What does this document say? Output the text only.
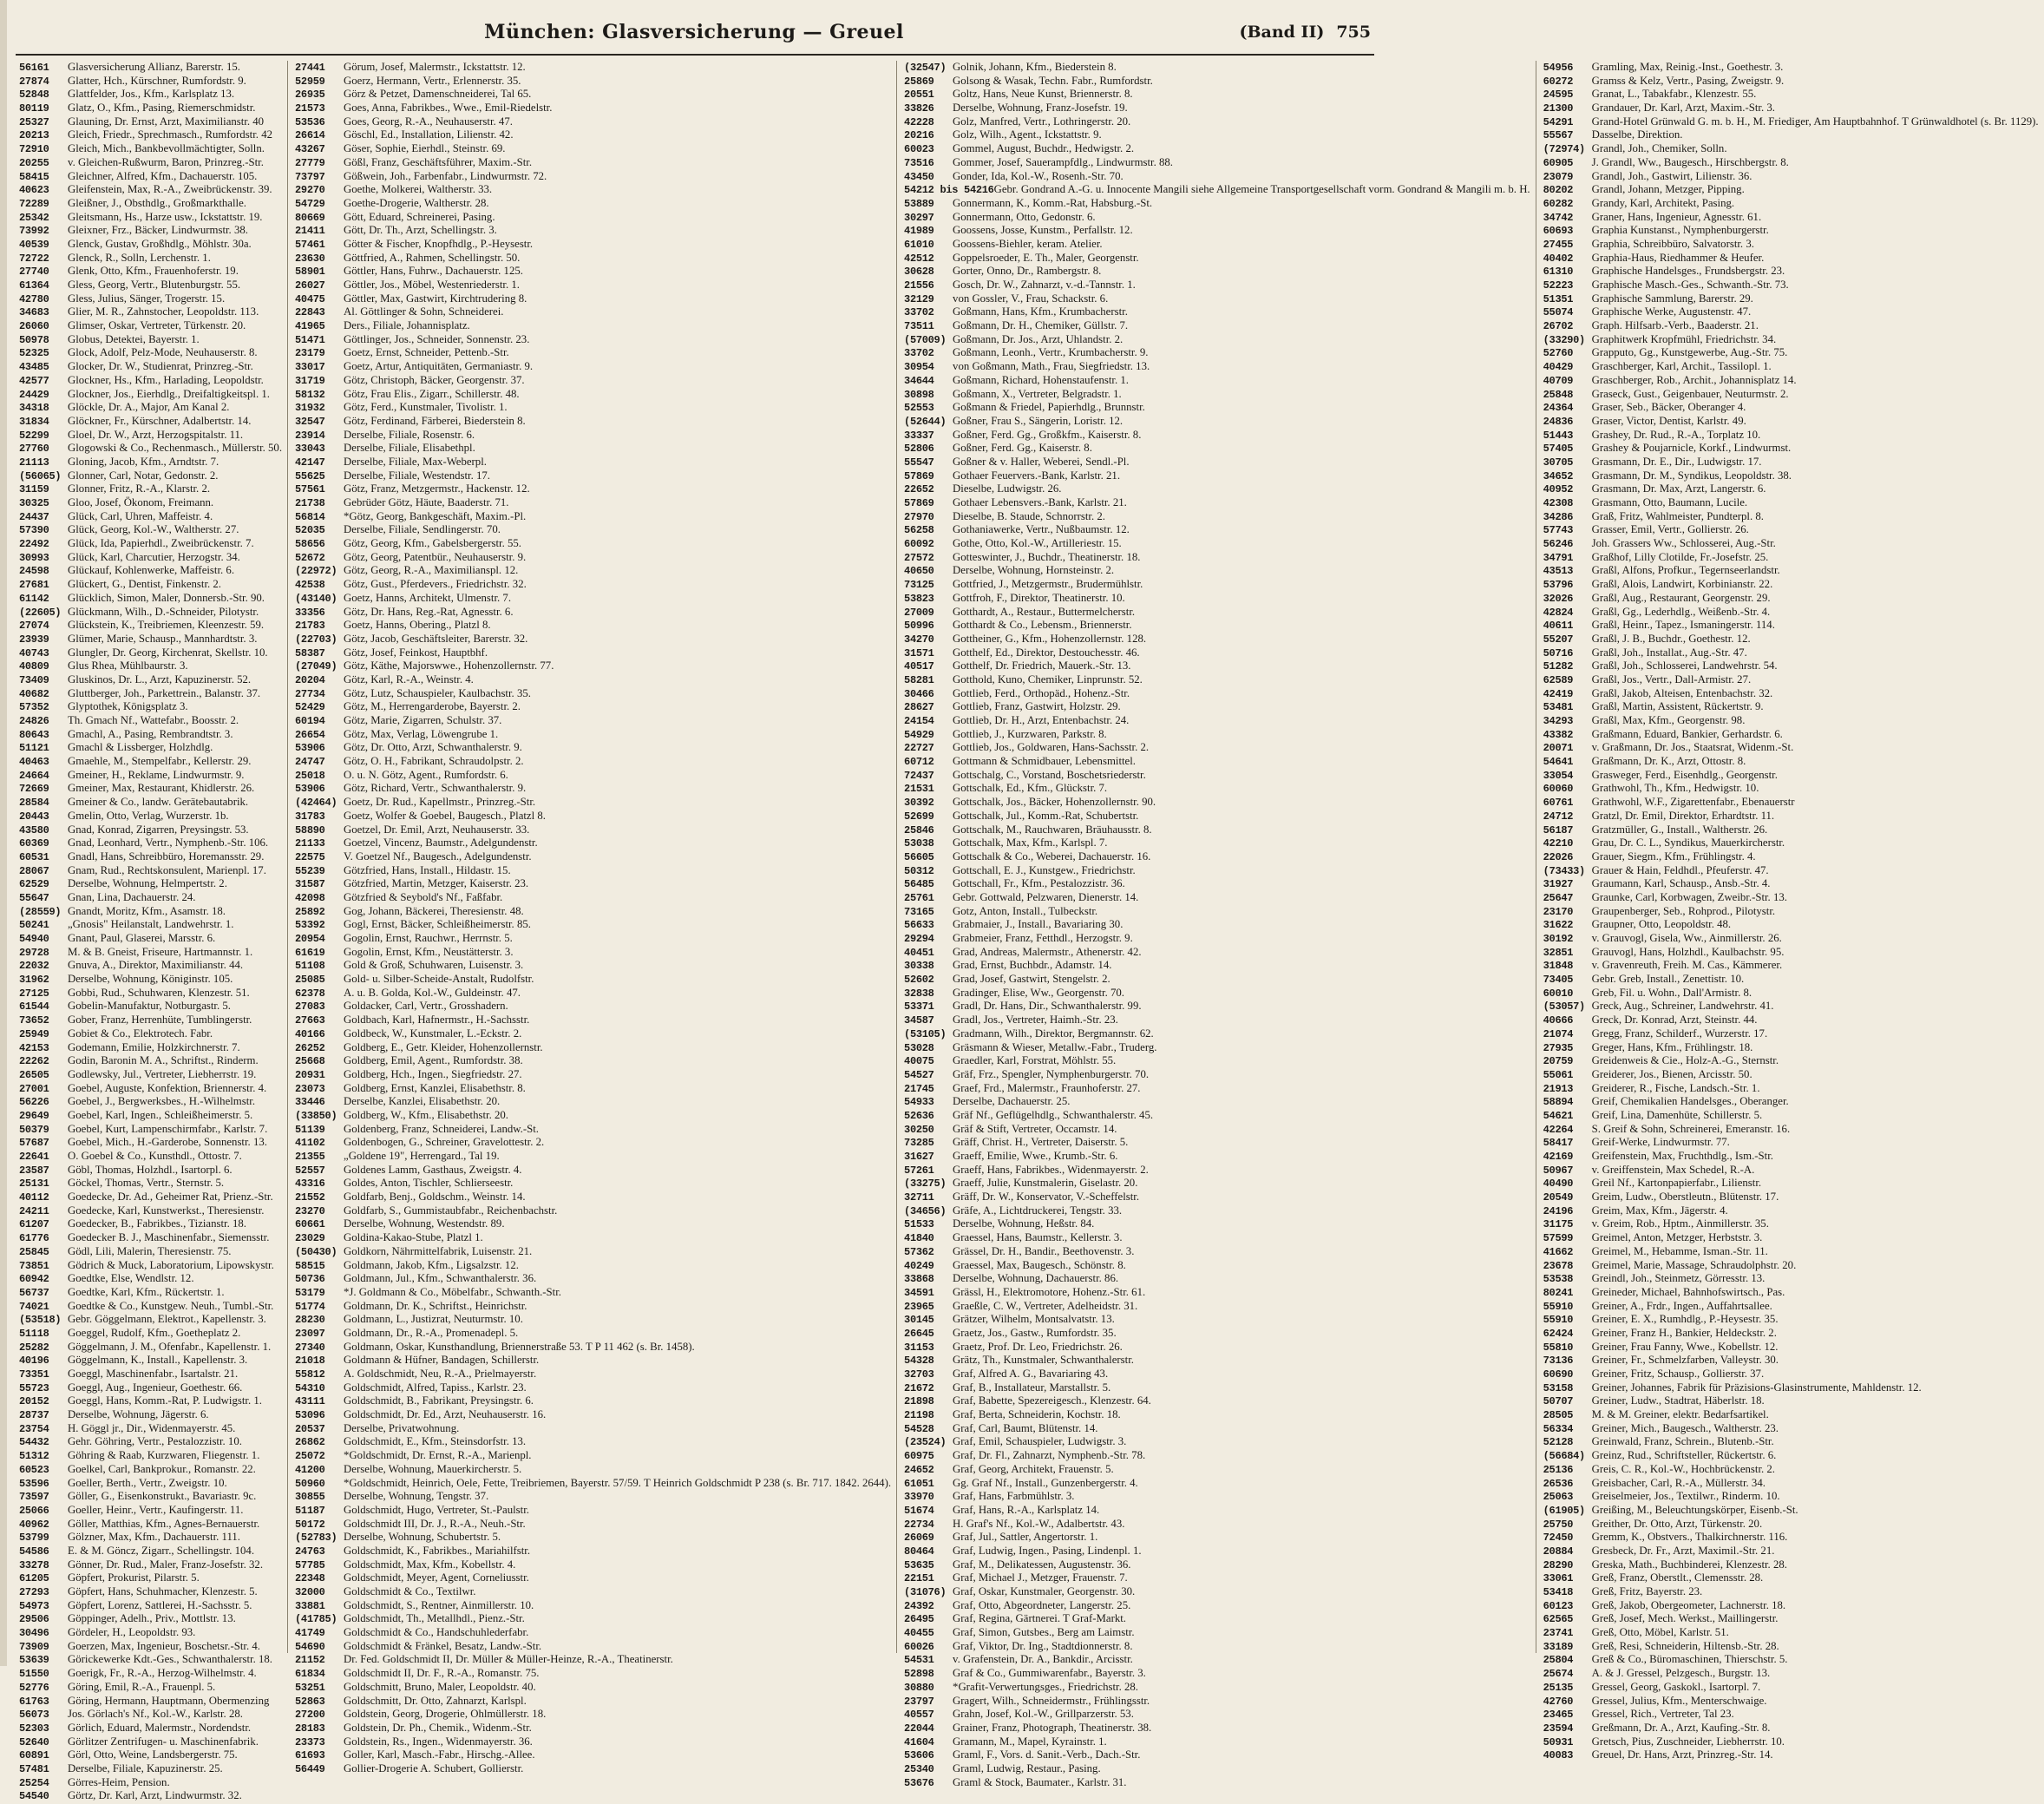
München: Glasversicherung — Greuel	(Band II) 755
56161	Glasversicherung Allianz, Barerstr. 15.
27874	Glatter, Hch., Kürschner, Rumfordstr. 9.
52848	Glattfelder, Jos., Kfm., Karlsplatz 13.
80119	Glatz, O., Kfm., Pasing, Riemerschmidstr.
25327	Glauning, Dr. Ernst, Arzt, Maximilianstr. 40
20213	Gleich, Friedr., Sprechmasch., Rumfordstr. 42
72910	Gleich, Mich., Bankbevollmächtigter, Solln.
20255	v. Gleichen-Rußwurm, Baron, Prinzreg.-Str.
58415	Gleichner, Alfred, Kfm., Dachauerstr. 105.
40623	Gleifenstein, Max, R.-A., Zweibrückenstr. 39.
72289	Gleißner, J., Obsthdlg., Großmarkthalle.
25342	Gleitsmann, Hs., Harze usw., Ickstattstr. 19.
73992	Gleixner, Frz., Bäcker, Lindwurmstr. 38.
40539	Glenck, Gustav, Großhdlg., Möhlstr. 30a.
72722	Glenck, R., Solln, Lerchenstr. 1.
27740	Glenk, Otto, Kfm., Frauenhoferstr. 19.
61364	Gless, Georg, Vertr., Blutenburgstr. 55.
42780	Gless, Julius, Sänger, Trogerstr. 15.
34683	Glier, M. R., Zahnstocher, Leopoldstr. 113.
26060	Glimser, Oskar, Vertreter, Türkenstr. 20.
50978	Globus, Detektei, Bayerstr. 1.
52325	Glock, Adolf, Pelz-Mode, Neuhauserstr. 8.
43485	Glocker, Dr. W., Studienrat, Prinzreg.-Str.
42577	Glockner, Hs., Kfm., Harlading, Leopoldstr.
24429	Glockner, Jos., Eierhdlg., Dreifaltigkeitspl. 1.
34318	Glöckle, Dr. A., Major, Am Kanal 2.
31834	Glöckner, Fr., Kürschner, Adalbertstr. 14.
52299	Gloel, Dr. W., Arzt, Herzogspitalstr. 11.
27760	Glogowski & Co., Rechenmasch., Müllerstr. 50.
21113	Gloning, Jacob, Kfm., Arndtstr. 7.
(56065) Glonner, Carl, Notar, Gedonstr. 2.
31159	Glonner, Fritz, R.-A., Klarstr. 2.
30325	Gloo, Josef, Ökonom, Freimann.
24437	Glück, Carl, Uhren, Maffeistr. 4.
57390	Glück, Georg, Kol.-W., Waltherstr. 27.
22492	Glück, Ida, Papierhdl., Zweibrückenstr. 7.
30993	Glück, Karl, Charcutier, Herzogstr. 34.
24598	Glückauf, Kohlenwerke, Maffeistr. 6.
27681	Glückert, G., Dentist, Finkenstr. 2.
61142	Glücklich, Simon, Maler, Donnersb.-Str. 90.
(22605) Glückmann, Wilh., D.-Schneider, Pilotystr.
27074	Glückstein, K., Treibriemen, Kleenzestr. 59.
23939	Glümer, Marie, Schausp., Mannhardtstr. 3.
40743	Glungler, Dr. Georg, Kirchenrat, Skellstr. 10.
40809	Glus Rhea, Mühlbaurstr. 3.
73409	Gluskinos, Dr. L., Arzt, Kapuzinerstr. 52.
40682	Gluttberger, Joh., Parkettrein., Balanstr. 37.
57352	Glyptothek, Königsplatz 3.
24826	Th. Gmach Nf., Wattefabr., Boosstr. 2.
80643	Gmachl, A., Pasing, Rembrandtstr. 3.
51121	Gmachl & Lissberger, Holzhdlg.
40463	Gmaehle, M., Stempelfabr., Kellerstr. 29.
24664	Gmeiner, H., Reklame, Lindwurmstr. 9.
72669	Gmeiner, Max, Restaurant, Khidlerstr. 26.
28584	Gmeiner & Co., landw. Gerätebautabrik.
20443	Gmelin, Otto, Verlag, Wurzerstr. 1b.
43580	Gnad, Konrad, Zigarren, Preysingstr. 53.
60369	Gnad, Leonhard, Vertr., Nymphenb.-Str. 106.
60531	Gnadl, Hans, Schreibbüro, Horemansstr. 29.
28067	Gnam, Rud., Rechtskonsulent, Marienpl. 17.
62529	Derselbe, Wohnung, Helmpertstr. 2.
55647	Gnan, Lina, Dachauerstr. 24.
(28559) Gnandt, Moritz, Kfm., Asamstr. 18.
50241	„Gnosis" Heilanstalt, Landwehrstr. 1.
54940	Gnant, Paul, Glaserei, Marsstr. 6.
29728	M. & B. Gneist, Friseure, Hartmannstr. 1.
22032	Gnuva, A., Direktor, Maximilianstr. 44.
31962	Derselbe, Wohnung, Königinstr. 105.
27125	Gobbi, Rud., Schuhwaren, Klenzestr. 51.
61544	Gobelin-Manufaktur, Notburgastr. 5.
73652	Gober, Franz, Herrenhüte, Tumblingerstr.
25949	Gobiet & Co., Elektrotech. Fabr.
42153	Godemann, Emilie, Holzkirchnerstr. 7.
22262	Godin, Baronin M. A., Schriftst., Rinderm.
26505	Godlewsky, Jul., Vertreter, Liebherrstr. 19.
27001	Goebel, Auguste, Konfektion, Briennerstr. 4.
56226	Goebel, J., Bergwerksbes., H.-Wilhelmstr.
29649	Goebel, Karl, Ingen., Schleißheimerstr. 5.
50379	Goebel, Kurt, Lampenschirmfabr., Karlstr. 7.
57687	Goebel, Mich., H.-Garderobe, Sonnenstr. 13.
22641	O. Goebel & Co., Kunsthdl., Ottostr. 7.
23587	Göbl, Thomas, Holzhdl., Isartorpl. 6.
25131	Göckel, Thomas, Vertr., Sternstr. 5.
40112	Goedecke, Dr. Ad., Geheimer Rat, Prienz.-Str.
24211	Goedecke, Karl, Kunstwerkst., Theresienstr.
61207	Goedecker, B., Fabrikbes., Tizianstr. 18.
61776	Goedecker B. J., Maschinenfabr., Siemensstr.
25845	Gödl, Lili, Malerin, Theresienstr. 75.
73851	Gödrich & Muck, Laboratorium, Lipowskystr.
60942	Goedtke, Else, Wendlstr. 12.
56737	Goedtke, Karl, Kfm., Rückertstr. 1.
74021	Goedtke & Co., Kunstgew. Neuh., Tumbl.-Str.
(53518) Gebr. Göggelmann, Elektrot., Kapellenstr. 3.
51118	Goeggel, Rudolf, Kfm., Goetheplatz 2.
25282	Göggelmann, J. M., Ofenfabr., Kapellenstr. 1.
40196	Göggelmann, K., Install., Kapellenstr. 3.
73351	Goeggl, Maschinenfabr., Isartalstr. 21.
55723	Goeggl, Aug., Ingenieur, Goethestr. 66.
20152	Goeggl, Hans, Komm.-Rat, P. Ludwigstr. 1.
28737	Derselbe, Wohnung, Jägerstr. 6.
23754	H. Göggl jr., Dir., Widenmayerstr. 45.
54432	Gehr. Göhring, Vertr., Pestalozzistr. 10.
51312	Göhring & Raab, Kurzwaren, Fliegenstr. 1.
60523	Goelkel, Carl, Bankprokur., Romanstr. 22.
53596	Goeller, Berth., Vertr., Zweigstr. 10.
73597	Göller, G., Eisenkonstrukt., Bavariastr. 9c.
25066	Goeller, Heinr., Vertr., Kaufingerstr. 11.
40962	Göller, Matthias, Kfm., Agnes-Bernauerstr.
53799	Gölzner, Max, Kfm., Dachauerstr. 111.
54586	E. & M. Göncz, Zigarr., Schellingstr. 104.
33278	Gönner, Dr. Rud., Maler, Franz-Josefstr. 32.
61205	Göpfert, Prokurist, Pilarstr. 5.
27293	Göpfert, Hans, Schuhmacher, Klenzestr. 5.
54973	Göpfert, Lorenz, Sattlerei, H.-Sachsstr. 5.
29506	Göppinger, Adelh., Priv., Mottlstr. 13.
30496	Gördeler, H., Leopoldstr. 93.
73909	Goerzen, Max, Ingenieur, Boschetsr.-Str. 4.
53639	Görickewerke Kdt.-Ges., Schwanthalerstr. 18.
51550	Goerigk, Fr., R.-A., Herzog-Wilhelmstr. 4.
52776	Göring, Emil, R.-A., Frauenpl. 5.
61763	Göring, Hermann, Hauptmann, Obermenzing
56073	Jos. Görlach's Nf., Kol.-W., Karlstr. 28.
52303	Görlich, Eduard, Malermstr., Nordendstr.
52640	Görlitzer Zentrifugen- u. Maschinenfabrik.
60891	Görl, Otto, Weine, Landsbergerstr. 75.
57481	Derselbe, Filiale, Kapuzinerstr. 25.
25254	Görres-Heim, Pension.
54540	Görtz, Dr. Karl, Arzt, Lindwurmstr. 32.
27441	Görum, Josef, Malermstr., Ickstattstr. 12.
52959	Goerz, Hermann, Vertr., Erlennerstr. 35.
26935	Görz & Petzet, Damenschneiderei, Tal 65.
21573	Goes, Anna, Fabrikbes., Wwe., Emil-Riedelstr.
53536	Goes, Georg, R.-A., Neuhauserstr. 47.
26614	Göschl, Ed., Installation, Lilienstr. 42.
43267	Göser, Sophie, Eierhdl., Steinstr. 69.
27779	Gößl, Franz, Geschäftsführer, Maxim.-Str.
73797	Gößwein, Joh., Farbenfabr., Lindwurmstr. 72.
29270	Goethe, Molkerei, Waltherstr. 33.
54729	Goethe-Drogerie, Waltherstr. 28.
80669	Gött, Eduard, Schreinerei, Pasing.
21411	Gött, Dr. Th., Arzt, Schellingstr. 3.
57461	Götter & Fischer, Knopfhdlg., P.-Heysestr.
23630	Göttfried, A., Rahmen, Schellingstr. 50.
58901	Göttler, Hans, Fuhrw., Dachauerstr. 125.
26027	Göttler, Jos., Möbel, Westenriederstr. 1.
40475	Göttler, Max, Gastwirt, Kirchtrudering 8.
22843	Al. Göttlinger & Sohn, Schneiderei.
41965	Ders., Filiale, Johannisplatz.
51471	Göttlinger, Jos., Schneider, Sonnenstr. 23.
23179	Goetz, Ernst, Schneider, Pettenb.-Str.
33017	Goetz, Artur, Antiquitäten, Germaniastr. 9.
31719	Götz, Christoph, Bäcker, Georgenstr. 37.
58132	Götz, Frau Elis., Zigarr., Schillerstr. 48.
31932	Götz, Ferd., Kunstmaler, Tivolistr. 1.
32547	Götz, Ferdinand, Färberei, Biederstein 8.
23914	Derselbe, Filiale, Rosenstr. 6.
33043	Derselbe, Filiale, Elisabethpl.
42147	Derselbe, Filiale, Max-Weberpl.
55625	Derselbe, Filiale, Westendstr. 17.
57561	Götz, Franz, Metzgermstr., Hackenstr. 12.
21738	Gebrüder Götz, Häute, Baaderstr. 71.
56814	*Götz, Georg, Bankgeschäft, Maxim.-Pl.
52035	Derselbe, Filiale, Sendlingerstr. 70.
58656	Götz, Georg, Kfm., Gabelsbergerstr. 55.
52672	Götz, Georg, Patentbür., Neuhauserstr. 9.
(22972) Götz, Georg, R.-A., Maximilianspl. 12.
42538	Götz, Gust., Pferdevers., Friedrichstr. 32.
(43140) Goetz, Hanns, Architekt, Ulmenstr. 7.
33356	Götz, Dr. Hans, Reg.-Rat, Agnesstr. 6.
21783	Goetz, Hanns, Obering., Platzl 8.
(22703) Götz, Jacob, Geschäftsleiter, Barerstr. 32.
58387	Götz, Josef, Feinkost, Hauptbhf.
(27049) Götz, Käthe, Majorswwe., Hohenzollernstr. 77.
20204	Götz, Karl, R.-A., Weinstr. 4.
27734	Götz, Lutz, Schauspieler, Kaulbachstr. 35.
52429	Götz, M., Herrengarderobe, Bayerstr. 2.
60194	Götz, Marie, Zigarren, Schulstr. 37.
26654	Götz, Max, Verlag, Löwengrube 1.
53906	Götz, Dr. Otto, Arzt, Schwanthalerstr. 9.
24747	Götz, O. H., Fabrikant, Schraudolpstr. 2.
25018	O. u. N. Götz, Agent., Rumfordstr. 6.
53906	Götz, Richard, Vertr., Schwanthalerstr. 9.
(42464) Goetz, Dr. Rud., Kapellmstr., Prinzreg.-Str.
31783	Goetz, Wolfer & Goebel, Baugesch., Platzl 8.
58890	Goetzel, Dr. Emil, Arzt, Neuhauserstr. 33.
21133	Goetzel, Vincenz, Baumstr., Adelgundenstr.
22575	V. Goetzel Nf., Baugesch., Adelgundenstr.
55239	Götzfried, Hans, Install., Hildastr. 15.
31587	Götzfried, Martin, Metzger, Kaiserstr. 23.
42098	Götzfried & Seybold's Nf., Faßfabr.
25892	Gog, Johann, Bäckerei, Theresienstr. 48.
53392	Gogl, Ernst, Bäcker, Schleißheimerstr. 85.
20954	Gogolin, Ernst, Rauchwr., Herrnstr. 5.
61619	Gogolin, Ernst, Kfm., Neustätterstr. 3.
51108	Gold & Groß, Schuhwaren, Luisenstr. 3.
25085	Gold- u. Silber-Scheide-Anstalt, Rudolfstr.
62378	A. u. B. Golda, Kol.-W., Guldeinstr. 47.
27083	Goldacker, Carl, Vertr., Grosshadern.
27663	Goldbach, Karl, Hafnermstr., H.-Sachsstr.
40166	Goldbeck, W., Kunstmaler, L.-Eckstr. 2.
26252	Goldberg, E., Getr. Kleider, Hohenzollernstr.
25668	Goldberg, Emil, Agent., Rumfordstr. 38.
20931	Goldberg, Hch., Ingen., Siegfriedstr. 27.
23073	Goldberg, Ernst, Kanzlei, Elisabethstr. 8.
33446	Derselbe, Kanzlei, Elisabethstr. 20.
(33850) Goldberg, W., Kfm., Elisabethstr. 20.
51139	Goldenberg, Franz, Schneiderei, Landw.-St.
41102	Goldenbogen, G., Schreiner, Gravelottestr. 2.
21355	„Goldene 19", Herrengard., Tal 19.
52557	Goldenes Lamm, Gasthaus, Zweigstr. 4.
43316	Goldes, Anton, Tischler, Schlierseestr.
21552	Goldfarb, Benj., Goldschm., Weinstr. 14.
23270	Goldfarb, S., Gummistaubfabr., Reichenbachstr.
60661	Derselbe, Wohnung, Westendstr. 89.
23029	Goldina-Kakao-Stube, Platzl 1.
(50430) Goldkorn, Nährmittelfabrik, Luisenstr. 21.
58515	Goldmann, Jakob, Kfm., Ligsalzstr. 12.
50736	Goldmann, Jul., Kfm., Schwanthalerstr. 36.
53179	*J. Goldmann & Co., Möbelfabr., Schwanth.-Str.
51774	Goldmann, Dr. K., Schriftst., Heinrichstr.
28230	Goldmann, L., Justizrat, Neuturmstr. 10.
23097	Goldmann, Dr., R.-A., Promenadepl. 5.
27340	Goldmann, Oskar, Kunsthandlung, Briennerstraße 53. T P 11 462 (s. Br. 1458).
21018	Goldmann & Hüfner, Bandagen, Schillerstr.
55812	A. Goldschmidt, Neu, R.-A., Prielmayerstr.
54310	Goldschmidt, Alfred, Tapiss., Karlstr. 23.
43111	Goldschmidt, B., Fabrikant, Preysingstr. 6.
53096	Goldschmidt, Dr. Ed., Arzt, Neuhauserstr. 16.
20537	Derselbe, Privatwohnung.
26862	Goldschmidt, E., Kfm., Steinsdorfstr. 13.
25072	*Goldschmidt, Dr. Ernst, R.-A., Marienpl.
41200	Derselbe, Wohnung, Mauerkircherstr. 5.
50960	*Goldschmidt, Heinrich, Oele, Fette, Treibriemen, Bayerstr. 57/59. T Heinrich Goldschmidt P 238 (s. Br. 717. 1842. 2644).
30855	Derselbe, Wohnung, Tengstr. 37.
51187	Goldschmidt, Hugo, Vertreter, St.-Paulstr.
50172	Goldschmidt III, Dr. J., R.-A., Neuh.-Str.
(52783) Derselbe, Wohnung, Schubertstr. 5.
24763	Goldschmidt, K., Fabrikbes., Mariahilfstr.
57785	Goldschmidt, Max, Kfm., Kobellstr. 4.
22348	Goldschmidt, Meyer, Agent, Corneliusstr.
32000	Goldschmidt & Co., Textilwr.
33881	Goldschmidt, S., Rentner, Ainmillerstr. 10.
(41785) Goldschmidt, Th., Metallhdl., Pienz.-Str.
41749	Goldschmidt & Co., Handschuhlederfabr.
54690	Goldschmidt & Fränkel, Besatz, Landw.-Str.
21152	Dr. Fed. Goldschmidt II, Dr. Müller & Müller-Heinze, R.-A., Theatinerstr.
61834	Goldschmidt II, Dr. F., R.-A., Romanstr. 75.
53251	Goldschmitt, Bruno, Maler, Leopoldstr. 40.
52863	Goldschmitt, Dr. Otto, Zahnarzt, Karlspl.
27200	Goldstein, Georg, Drogerie, Ohlmüllerstr. 18.
28183	Goldstein, Dr. Ph., Chemik., Widenm.-Str.
23373	Goldstein, Rs., Ingen., Widenmayerstr. 36.
61693	Goller, Karl, Masch.-Fabr., Hirschg.-Allee.
56449	Gollier-Drogerie A. Schubert, Gollierstr.
(32547) Golnik, Johann, Kfm., Biederstein 8.
25869	Golsong & Wasak, Techn. Fabr., Rumfordstr.
20551	Goltz, Hans, Neue Kunst, Briennerstr. 8.
33826	Derselbe, Wohnung, Franz-Josefstr. 19.
42228	Golz, Manfred, Vertr., Lothringerstr. 20.
20216	Golz, Wilh., Agent., Ickstattstr. 9.
60023	Gommel, August, Buchdr., Hedwigstr. 2.
73516	Gommer, Josef, Sauerampfdlg., Lindwurmstr. 88.
43450	Gonder, Ida, Kol.-W., Rosenh.-Str. 70.
54212 bis 54216 Gebr. Gondrand A.-G. u. Innocente Mangili siehe Allgemeine Transportgesellschaft vorm. Gondrand & Mangili m. b. H.
53889	Gonnermann, K., Komm.-Rat, Habsburg.-St.
30297	Gonnermann, Otto, Gedonstr. 6.
41989	Goossens, Josse, Kunstm., Perfallstr. 12.
61010	Goossens-Biehler, keram. Atelier.
42512	Goppelsroeder, E. Th., Maler, Georgenstr.
30628	Gorter, Onno, Dr., Rambergstr. 8.
21556	Gosch, Dr. W., Zahnarzt, v.-d.-Tannstr. 1.
32129	von Gossler, V., Frau, Schackstr. 6.
33702	Goßmann, Hans, Kfm., Krumbacherstr.
73511	Goßmann, Dr. H., Chemiker, Güllstr. 7.
(57009) Goßmann, Dr. Jos., Arzt, Uhlandstr. 2.
33702	Goßmann, Leonh., Vertr., Krumbacherstr. 9.
30954	von Goßmann, Math., Frau, Siegfriedstr. 13.
34644	Goßmann, Richard, Hohenstaufenstr. 1.
30898	Goßmann, X., Vertreter, Belgradstr. 1.
52553	Goßmann & Friedel, Papierhdlg., Brunnstr.
(52644) Goßner, Frau S., Sängerin, Loristr. 12.
33337	Goßner, Ferd. Gg., Großkfm., Kaiserstr. 8.
52806	Goßner, Ferd. Gg., Kaiserstr. 8.
55547	Goßner & v. Haller, Weberei, Sendl.-Pl.
57869	Gothaer Feuervers.-Bank, Karlstr. 21.
22652	Dieselbe, Ludwigstr. 26.
57869	Gothaer Lebensvers.-Bank, Karlstr. 21.
27970	Dieselbe, B. Staude, Schnorrstr. 2.
56258	Gothaniawerke, Vertr., Nußbaumstr. 12.
60092	Gothe, Otto, Kol.-W., Artilleriestr. 15.
27572	Gotteswinter, J., Buchdr., Theatinerstr. 18.
40650	Derselbe, Wohnung, Hornsteinstr. 2.
73125	Gottfried, J., Metzgermstr., Brudermühlstr.
53823	Gottfroh, F., Direktor, Theatinerstr. 10.
27009	Gotthardt, A., Restaur., Buttermelcherstr.
50996	Gotthardt & Co., Lebensm., Briennerstr.
34270	Gottheiner, G., Kfm., Hohenzollernstr. 128.
31571	Gotthelf, Ed., Direktor, Destouchesstr. 46.
40517	Gotthelf, Dr. Friedrich, Mauerk.-Str. 13.
58281	Gotthold, Kuno, Chemiker, Linprunstr. 52.
30466	Gottlieb, Ferd., Orthopäd., Hohenz.-Str.
28627	Gottlieb, Franz, Gastwirt, Holzstr. 29.
24154	Gottlieb, Dr. H., Arzt, Entenbachstr. 24.
54929	Gottlieb, J., Kurzwaren, Parkstr. 8.
22727	Gottlieb, Jos., Goldwaren, Hans-Sachsstr. 2.
60712	Gottmann & Schmidbauer, Lebensmittel.
72437	Gottschalg, C., Vorstand, Boschetsriederstr.
21531	Gottschalk, Ed., Kfm., Glückstr. 7.
30392	Gottschalk, Jos., Bäcker, Hohenzollernstr. 90.
52699	Gottschalk, Jul., Komm.-Rat, Schubertstr.
25846	Gottschalk, M., Rauchwaren, Bräuhausstr. 8.
53038	Gottschalk, Max, Kfm., Karlspl. 7.
56605	Gottschalk & Co., Weberei, Dachauerstr. 16.
50312	Gottschall, E. J., Kunstgew., Friedrichstr.
56485	Gottschall, Fr., Kfm., Pestalozzistr. 36.
25761	Gebr. Gottwald, Pelzwaren, Dienerstr. 14.
73165	Gotz, Anton, Install., Tulbeckstr.
56633	Grabmaier, J., Install., Bavariaring 30.
29294	Grabmeier, Franz, Fetthdl., Herzogstr. 9.
40451	Grad, Andreas, Malermstr., Athenerstr. 42.
30338	Grad, Ernst, Buchbdr., Adamstr. 14.
52602	Grad, Josef, Gastwirt, Stengelstr. 2.
32838	Gradinger, Elise, Ww., Georgenstr. 70.
53371	Gradl, Dr. Hans, Dir., Schwanthalerstr. 99.
34587	Gradl, Jos., Vertreter, Haimh.-Str. 23.
(53105) Gradmann, Wilh., Direktor, Bergmannstr. 62.
53028	Gräsmann & Wieser, Metallw.-Fabr., Truderg.
40075	Graedler, Karl, Forstrat, Möhlstr. 55.
54527	Gräf, Frz., Spengler, Nymphenburgerstr. 70.
21745	Graef, Frd., Malermstr., Fraunhoferstr. 27.
54933	Derselbe, Dachauerstr. 25.
52636	Gräf Nf., Geflügelhdlg., Schwanthalerstr. 45.
30250	Gräf & Stift, Vertreter, Occamstr. 14.
73285	Gräff, Christ. H., Vertreter, Daiserstr. 5.
31627	Graeff, Emilie, Wwe., Krumb.-Str. 6.
57261	Graeff, Hans, Fabrikbes., Widenmayerstr. 2.
(33275) Graeff, Julie, Kunstmalerin, Giselastr. 20.
32711	Gräff, Dr. W., Konservator, V.-Scheffelstr.
(34656) Gräfe, A., Lichtdruckerei, Tengstr. 33.
51533	Derselbe, Wohnung, Heßstr. 84.
41840	Graessel, Hans, Baumstr., Kellerstr. 3.
57362	Grässel, Dr. H., Bandir., Beethovenstr. 3.
40249	Graessel, Max, Baugesch., Schönstr. 8.
33868	Derselbe, Wohnung, Dachauerstr. 86.
34591	Grässl, H., Elektromotore, Hohenz.-Str. 61.
23965	Graeßle, C. W., Vertreter, Adelheidstr. 31.
30145	Grätzer, Wilhelm, Montsalvatstr. 13.
26645	Graetz, Jos., Gastw., Rumfordstr. 35.
31153	Graetz, Prof. Dr. Leo, Friedrichstr. 26.
54328	Grätz, Th., Kunstmaler, Schwanthalerstr.
32703	Graf, Alfred A. G., Bavariaring 43.
21672	Graf, B., Installateur, Marstallstr. 5.
21898	Graf, Babette, Spezereigesch., Klenzestr. 64.
21198	Graf, Berta, Schneiderin, Kochstr. 18.
54528	Graf, Carl, Baumt, Blütenstr. 14.
(23524) Graf, Emil, Schauspieler, Ludwigstr. 3.
60975	Graf, Dr. Fl., Zahnarzt, Nymphenb.-Str. 78.
24652	Graf, Georg, Architekt, Frauenstr. 5.
61051	Gg. Graf Nf., Install., Gunzenbergerstr. 4.
33970	Graf, Hans, Farbmühlstr. 3.
51674	Graf, Hans, R.-A., Karlsplatz 14.
22734	H. Graf's Nf., Kol.-W., Adalbertstr. 43.
26069	Graf, Jul., Sattler, Angertorstr. 1.
80464	Graf, Ludwig, Ingen., Pasing, Lindenpl. 1.
53635	Graf, M., Delikatessen, Augustenstr. 36.
22151	Graf, Michael J., Metzger, Frauenstr. 7.
(31076) Graf, Oskar, Kunstmaler, Georgenstr. 30.
24392	Graf, Otto, Abgeordneter, Langerstr. 25.
26495	Graf, Regina, Gärtnerei. T Graf-Markt.
40455	Graf, Simon, Gutsbes., Berg am Laimstr.
60026	Graf, Viktor, Dr. Ing., Stadtdionnerstr. 8.
54531	v. Grafenstein, Dr. A., Bankdir., Arcisstr.
52898	Graf & Co., Gummiwarenfabr., Bayerstr. 3.
30880	*Grafit-Verwertungsges., Friedrichstr. 28.
23797	Gragert, Wilh., Schneidermstr., Frühlingsstr.
40557	Grahn, Josef, Kol.-W., Grillparzerstr. 53.
22044	Grainer, Franz, Photograph, Theatinerstr. 38.
41604	Gramann, M., Mapel, Kyrainstr. 1.
53606	Graml, F., Vors. d. Sanit.-Verb., Dach.-Str.
25340	Graml, Ludwig, Restaur., Pasing.
53676	Graml & Stock, Baumater., Karlstr. 31.
54956	Gramling, Max, Reinig.-Inst., Goethestr. 3.
60272	Gramss & Kelz, Vertr., Pasing, Zweigstr. 9.
24595	Granat, L., Tabakfabr., Klenzestr. 55.
21300	Grandauer, Dr. Karl, Arzt, Maxim.-Str. 3.
54291	Grand-Hotel Grünwald G. m. b. H., M. Friediger, Am Hauptbahnhof. T Grünwaldhotel (s. Br. 1129).
55567	Dasselbe, Direktion.
(72974) Grandl, Joh., Chemiker, Solln.
60905	J. Grandl, Ww., Baugesch., Hirschbergstr. 8.
23079	Grandl, Joh., Gastwirt, Lilienstr. 36.
80202	Grandl, Johann, Metzger, Pipping.
60282	Grandy, Karl, Architekt, Pasing.
34742	Graner, Hans, Ingenieur, Agnesstr. 61.
60693	Graphia Kunstanst., Nymphenburgerstr.
27455	Graphia, Schreibbüro, Salvatorstr. 3.
40402	Graphia-Haus, Riedhammer & Heufer.
61310	Graphische Handelsges., Frundsbergstr. 23.
52223	Graphische Masch.-Ges., Schwanth.-Str. 73.
51351	Graphische Sammlung, Barerstr. 29.
55074	Graphische Werke, Augustenstr. 47.
26702	Graph. Hilfsarb.-Verb., Baaderstr. 21.
(33290) Graphitwerk Kropfmühl, Friedrichstr. 34.
52760	Grapputo, Gg., Kunstgewerbe, Aug.-Str. 75.
40429	Graschberger, Karl, Archit., Tassilopl. 1.
40709	Graschberger, Rob., Archit., Johannisplatz 14.
25848	Graseck, Gust., Geigenbauer, Neuturmstr. 2.
24364	Graser, Seb., Bäcker, Oberanger 4.
24836	Graser, Victor, Dentist, Karlstr. 49.
51443	Grashey, Dr. Rud., R.-A., Torplatz 10.
57405	Grashey & Poujarnicle, Korkf., Lindwurmst.
30705	Grasmann, Dr. E., Dir., Ludwigstr. 17.
34652	Grasmann, Dr. M., Syndikus, Leopoldstr. 38.
40952	Grasmann, Dr. Max, Arzt, Langerstr. 6.
42308	Grasmann, Otto, Baumann, Lucile.
34286	Graß, Fritz, Wahlmeister, Pundterpl. 8.
57743	Grasser, Emil, Vertr., Gollierstr. 26.
56246	Joh. Grassers Ww., Schlosserei, Aug.-Str.
34791	Graßhof, Lilly Clotilde, Fr.-Josefstr. 25.
43513	Graßl, Alfons, Profkur., Tegernseerlandstr.
53796	Graßl, Alois, Landwirt, Korbinianstr. 22.
32026	Graßl, Aug., Restaurant, Georgenstr. 29.
42824	Graßl, Gg., Lederhdlg., Weißenb.-Str. 4.
40611	Graßl, Heinr., Tapez., Ismaningerstr. 114.
55207	Graßl, J. B., Buchdr., Goethestr. 12.
50716	Graßl, Joh., Installat., Aug.-Str. 47.
51282	Graßl, Joh., Schlosserei, Landwehrstr. 54.
62589	Graßl, Jos., Vertr., Dall-Armistr. 27.
42419	Graßl, Jakob, Alteisen, Entenbachstr. 32.
53481	Graßl, Martin, Assistent, Rückertstr. 9.
34293	Graßl, Max, Kfm., Georgenstr. 98.
43382	Graßmann, Eduard, Bankier, Gerhardstr. 6.
20071	v. Graßmann, Dr. Jos., Staatsrat, Widenm.-St.
54641	Graßmann, Dr. K., Arzt, Ottostr. 8.
33054	Grasweger, Ferd., Eisenhdlg., Georgenstr.
60060	Grathwohl, Th., Kfm., Hedwigstr. 10.
60761	Grathwohl, W.F., Zigarettenfabr., Ebenauerstr
24712	Gratzl, Dr. Emil, Direktor, Erhardtstr. 11.
56187	Gratzmüller, G., Install., Waltherstr. 26.
42210	Grau, Dr. C. L., Syndikus, Mauerkircherstr.
22026	Grauer, Siegm., Kfm., Frühlingstr. 4.
(73433) Grauer & Hain, Feldhdl., Pfeuferstr. 47.
31927	Graumann, Karl, Schausp., Ansb.-Str. 4.
25647	Graunke, Carl, Korbwagen, Zweibr.-Str. 13.
23170	Graupenberger, Seb., Rohprod., Pilotystr.
31622	Graupner, Otto, Leopoldstr. 48.
30192	v. Grauvogl, Gisela, Ww., Ainmillerstr. 26.
32851	Grauvogl, Hans, Holzhdl., Kaulbachstr. 95.
31848	v. Gravenreuth, Freih. M. Cas., Kämmerer.
73405	Gebr. Greb, Install., Zenettistr. 10.
60010	Greb, Fil. u. Wohn., Dall'Armistr. 8.
(53057) Greck, Aug., Schreiner, Landwehrstr. 41.
40666	Greck, Dr. Konrad, Arzt, Steinstr. 44.
21074	Gregg, Franz, Schilderf., Wurzerstr. 17.
27935	Greger, Hans, Kfm., Frühlingstr. 18.
20759	Greidenweis & Cie., Holz-A.-G., Sternstr.
55061	Greiderer, Jos., Bienen, Arcisstr. 50.
21913	Greiderer, R., Fische, Landsch.-Str. 1.
58894	Greif, Chemikalien Handelsges., Oberanger.
54621	Greif, Lina, Damenhüte, Schillerstr. 5.
42264	S. Greif & Sohn, Schreinerei, Emeranstr. 16.
58417	Greif-Werke, Lindwurmstr. 77.
42169	Greifenstein, Max, Fruchthdlg., Ism.-Str.
50967	v. Greiffenstein, Max Schedel, R.-A.
40490	Greil Nf., Kartonpapierfabr., Lilienstr.
20549	Greim, Ludw., Oberstleutn., Blütenstr. 17.
24196	Greim, Max, Kfm., Jägerstr. 4.
31175	v. Greim, Rob., Hptm., Ainmillerstr. 35.
57599	Greimel, Anton, Metzger, Herbststr. 3.
41662	Greimel, M., Hebamme, Isman.-Str. 11.
23678	Greimel, Marie, Massage, Schraudolphstr. 20.
53538	Greindl, Joh., Steinmetz, Görresstr. 13.
80241	Greineder, Michael, Bahnhofswirtsch., Pas.
55910	Greiner, A., Frdr., Ingen., Auffahrtsallee.
55910	Greiner, E. X., Rumhdlg., P.-Heysestr. 35.
62424	Greiner, Franz H., Bankier, Heldeckstr. 2.
55810	Greiner, Frau Fanny, Wwe., Kobellstr. 12.
73136	Greiner, Fr., Schmelzfarben, Valleystr. 30.
60690	Greiner, Fritz, Schausp., Gollierstr. 37.
53158	Greiner, Johannes, Fabrik für Präzisions-Glasinstrumente, Mahldenstr. 12.
50707	Greiner, Ludw., Stadtrat, Häberlstr. 18.
28505	M. & M. Greiner, elektr. Bedarfsartikel.
56334	Greiner, Mich., Baugesch., Waltherstr. 23.
52128	Greinwald, Franz, Schrein., Blutenb.-Str.
(56684) Greinz, Rud., Schriftsteller, Rückertstr. 6.
25136	Greis, C. R., Kol.-W., Hochbrückenstr. 2.
26536	Greisbacher, Carl, R.-A., Müllerstr. 34.
25063	Greiselmeier, Jos., Textilwr., Rinderm. 10.
(61905) Greißing, M., Beleuchtungskörper, Eisenb.-St.
25750	Greither, Dr. Otto, Arzt, Türkenstr. 20.
72450	Gremm, K., Obstvers., Thalkirchnerstr. 116.
20884	Gresbeck, Dr. Fr., Arzt, Maximil.-Str. 21.
28290	Greska, Math., Buchbinderei, Klenzestr. 28.
33061	Greß, Franz, Oberstlt., Clemensstr. 28.
53418	Greß, Fritz, Bayerstr. 23.
60123	Greß, Jakob, Obergeometer, Lachnerstr. 18.
62565	Greß, Josef, Mech. Werkst., Maillingerstr.
23741	Greß, Otto, Möbel, Karlstr. 51.
33189	Greß, Resi, Schneiderin, Hiltensb.-Str. 28.
25804	Greß & Co., Büromaschinen, Thierschstr. 5.
25674	A. & J. Gressel, Pelzgesch., Burgstr. 13.
25135	Gressel, Georg, Gaskokl., Isartorpl. 7.
42760	Gressel, Julius, Kfm., Menterschwaige.
23465	Gressel, Rich., Vertreter, Tal 23.
23594	Greßmann, Dr. A., Arzt, Kaufing.-Str. 8.
50931	Gretsch, Pius, Zuschneider, Liebherrstr. 10.
40083	Greuel, Dr. Hans, Arzt, Prinzreg.-Str. 14.
